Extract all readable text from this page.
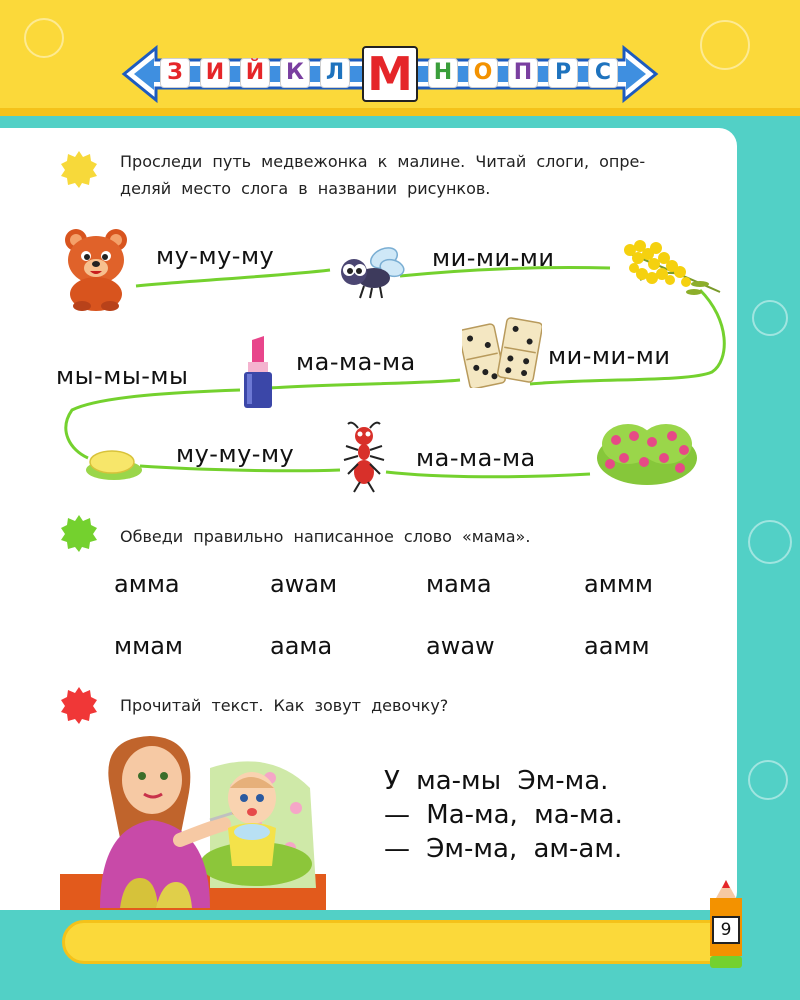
З	И Й К Л М Н О П	Р	С
Проследи путь медвежонка к малине. Читай слоги, опре-
деляй место слога в названии рисунков.
му-му-му	ми-ми-ми
мы-мы-мы	ма-ма-ма	ми-ми-ми
му-му-му	ма-ма-ма
Обведи правильно написанное слово «мама».
амма	awам	мама	аммм
ммам	аама	awaw	аамм
Прочитай текст. Как зовут девочку?
У ма-мы Эм-ма.
— Ма-ма, ма-ма.
— Эм-ма, ам-ам.
9
